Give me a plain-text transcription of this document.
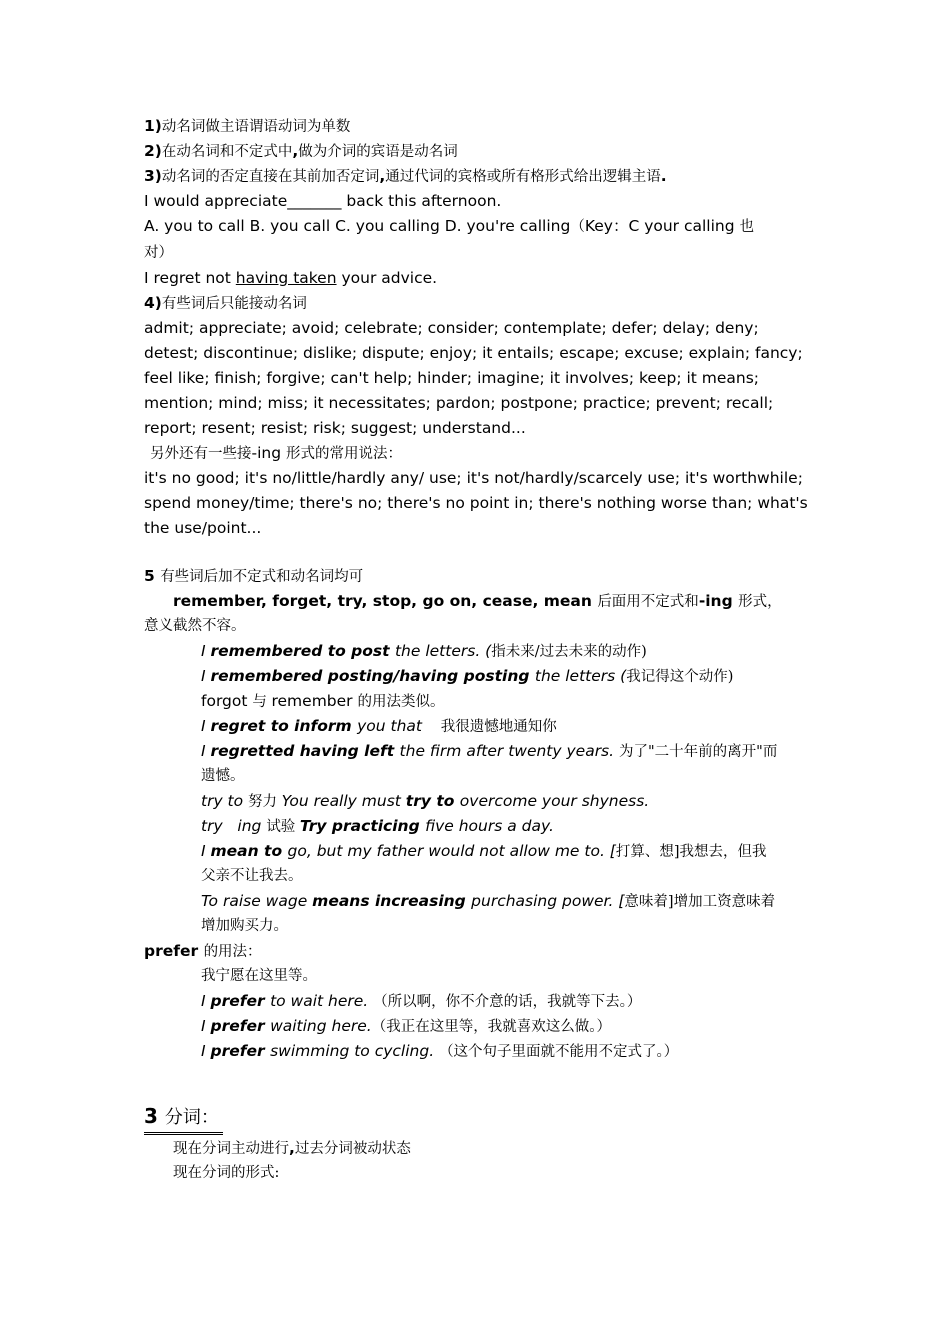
1)动名词做主语谓语动词为单数
2)在动名词和不定式中,做为介词的宾语是动名词
3)动名词的否定直接在其前加否定词,通过代词的宾格或所有格形式给出逻辑主语.
I would appreciate_______ back this afternoon.
A. you to call B. you call C. you calling D. you're calling（Key：C your calling 也
对）
I regret not having taken your advice.
4)有些词后只能接动名词
admit; appreciate; avoid; celebrate; consider; contemplate; defer; delay; deny; detest; discontinue; dislike; dispute; enjoy; it entails; escape; excuse; explain; fancy; feel like; finish; forgive; can't help; hinder; imagine; it involves; keep; it means; mention; mind; miss; it necessitates; pardon; postpone; practice; prevent; recall; report; resent; resist; risk; suggest; understand...
另外还有一些接-ing 形式的常用说法：
it's no good; it's no/little/hardly any/ use; it's not/hardly/scarcely use; it's worthwhile; spend money/time; there's no; there's no point in; there's nothing worse than; what's the use/point...
5 有些词后加不定式和动名词均可
remember, forget, try, stop, go on, cease, mean 后面用不定式和-ing 形式，
意义截然不容。
I remembered to post the letters. (指未来/过去未来的动作)
I remembered posting/having posting the letters (我记得这个动作)
forgot 与 remember 的用法类似。
I regret to inform you that    我很遗憾地通知你
I regretted having left the firm after twenty years. 为了"二十年前的离开"而
遗憾。
try to 努力 You really must try to overcome your shyness.
try   ing 试验 Try practicing five hours a day.
I mean to go, but my father would not allow me to. [打算、想]我想去，但我
父亲不让我去。
To raise wage means increasing purchasing power. [意味着]增加工资意味着
增加购买力。
prefer 的用法：
我宁愿在这里等。
I prefer to wait here. （所以啊，你不介意的话，我就等下去。）
I prefer waiting here.（我正在这里等，我就喜欢这么做。）
I prefer swimming to cycling. （这个句子里面就不能用不定式了。）
3 分词：
现在分词主动进行,过去分词被动状态
现在分词的形式:
